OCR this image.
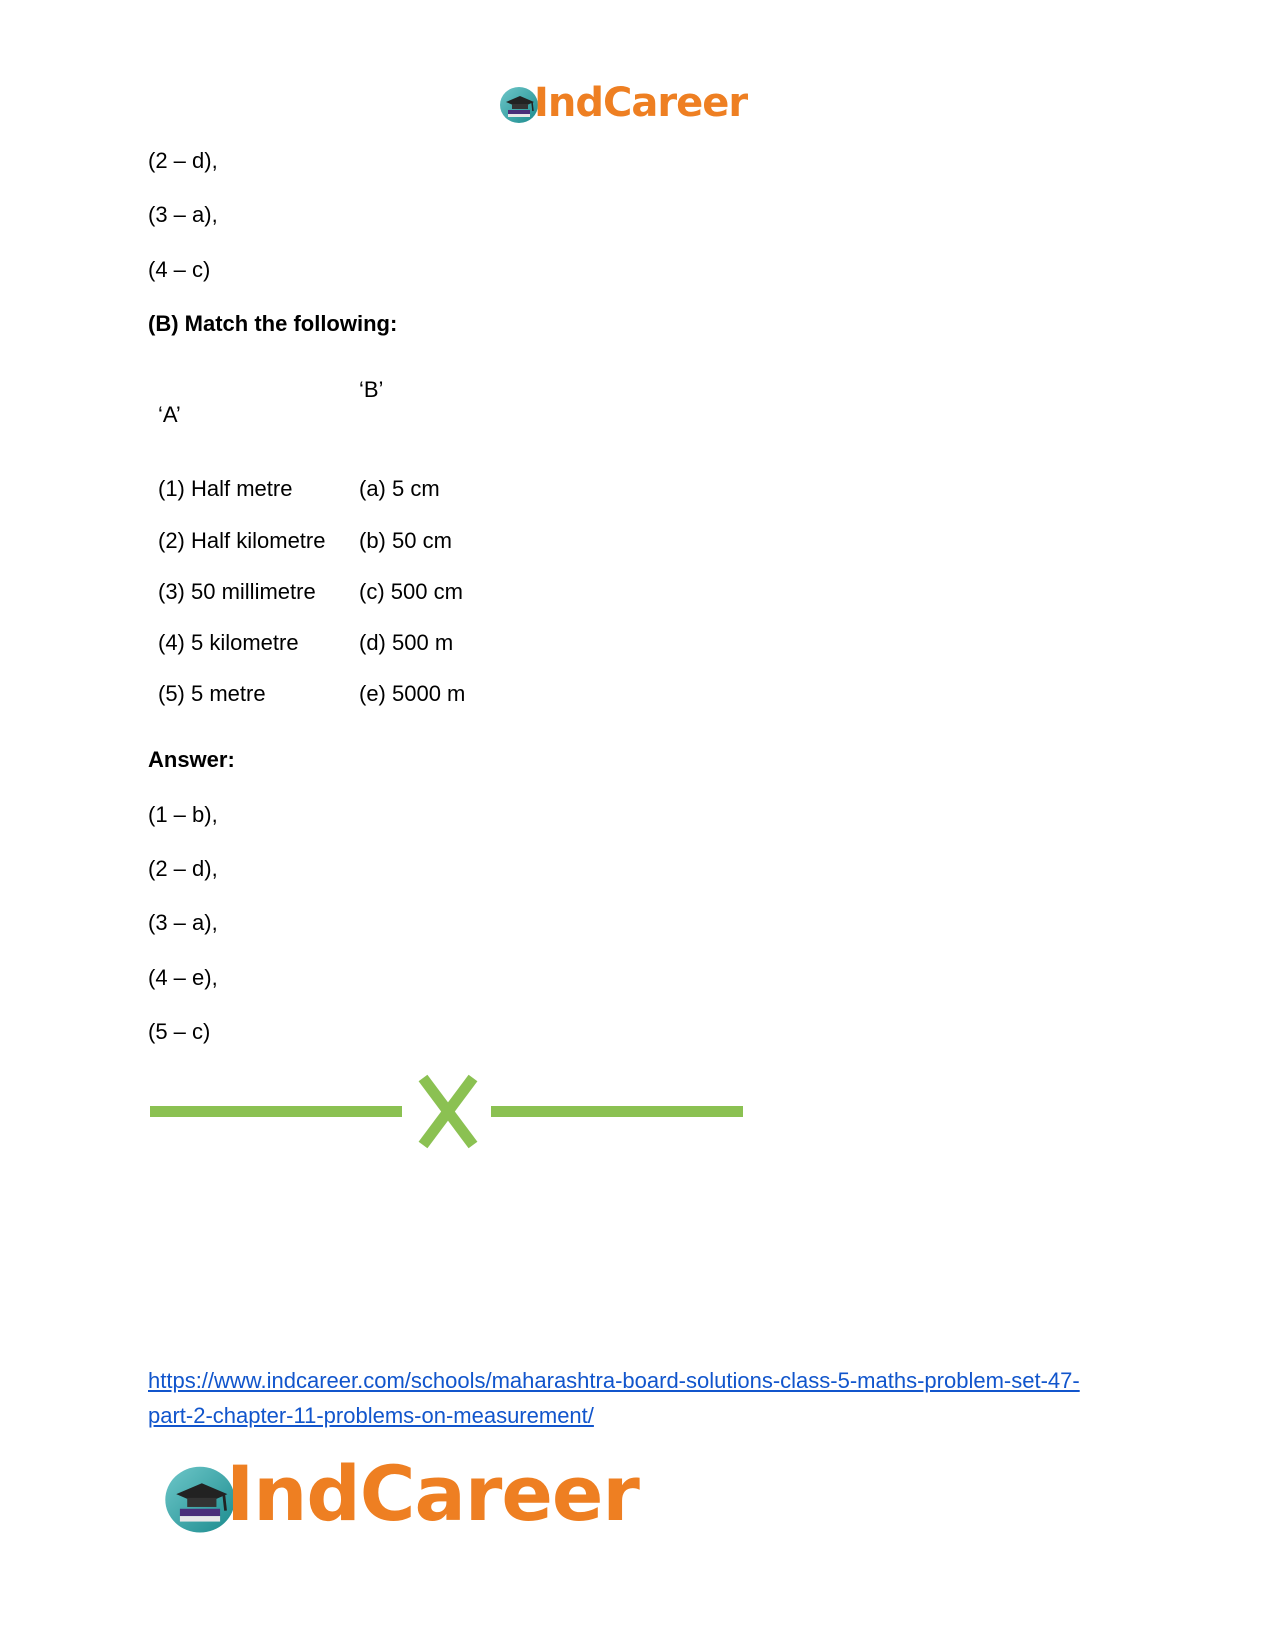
IndCareer
(2 – d),
(3 – a),
(4 – c)
(B) Match the following:
‘A’
‘B’
(1) Half metre	(a) 5 cm
(2) Half kilometre (b) 50 cm
(3) 50 millimetre (c) 500 cm
(4) 5 kilometre	(d) 500 m
(5) 5 metre	(e) 5000 m
Answer:
(1 – b),
(2 – d),
(3 – a),
(4 – e),
(5 – c)
https://www.indcareer.com/schools/maharashtra-board-solutions-class-5-maths-problem-set-47-
part-2-chapter-11-problems-on-measurement/
IndCareer
